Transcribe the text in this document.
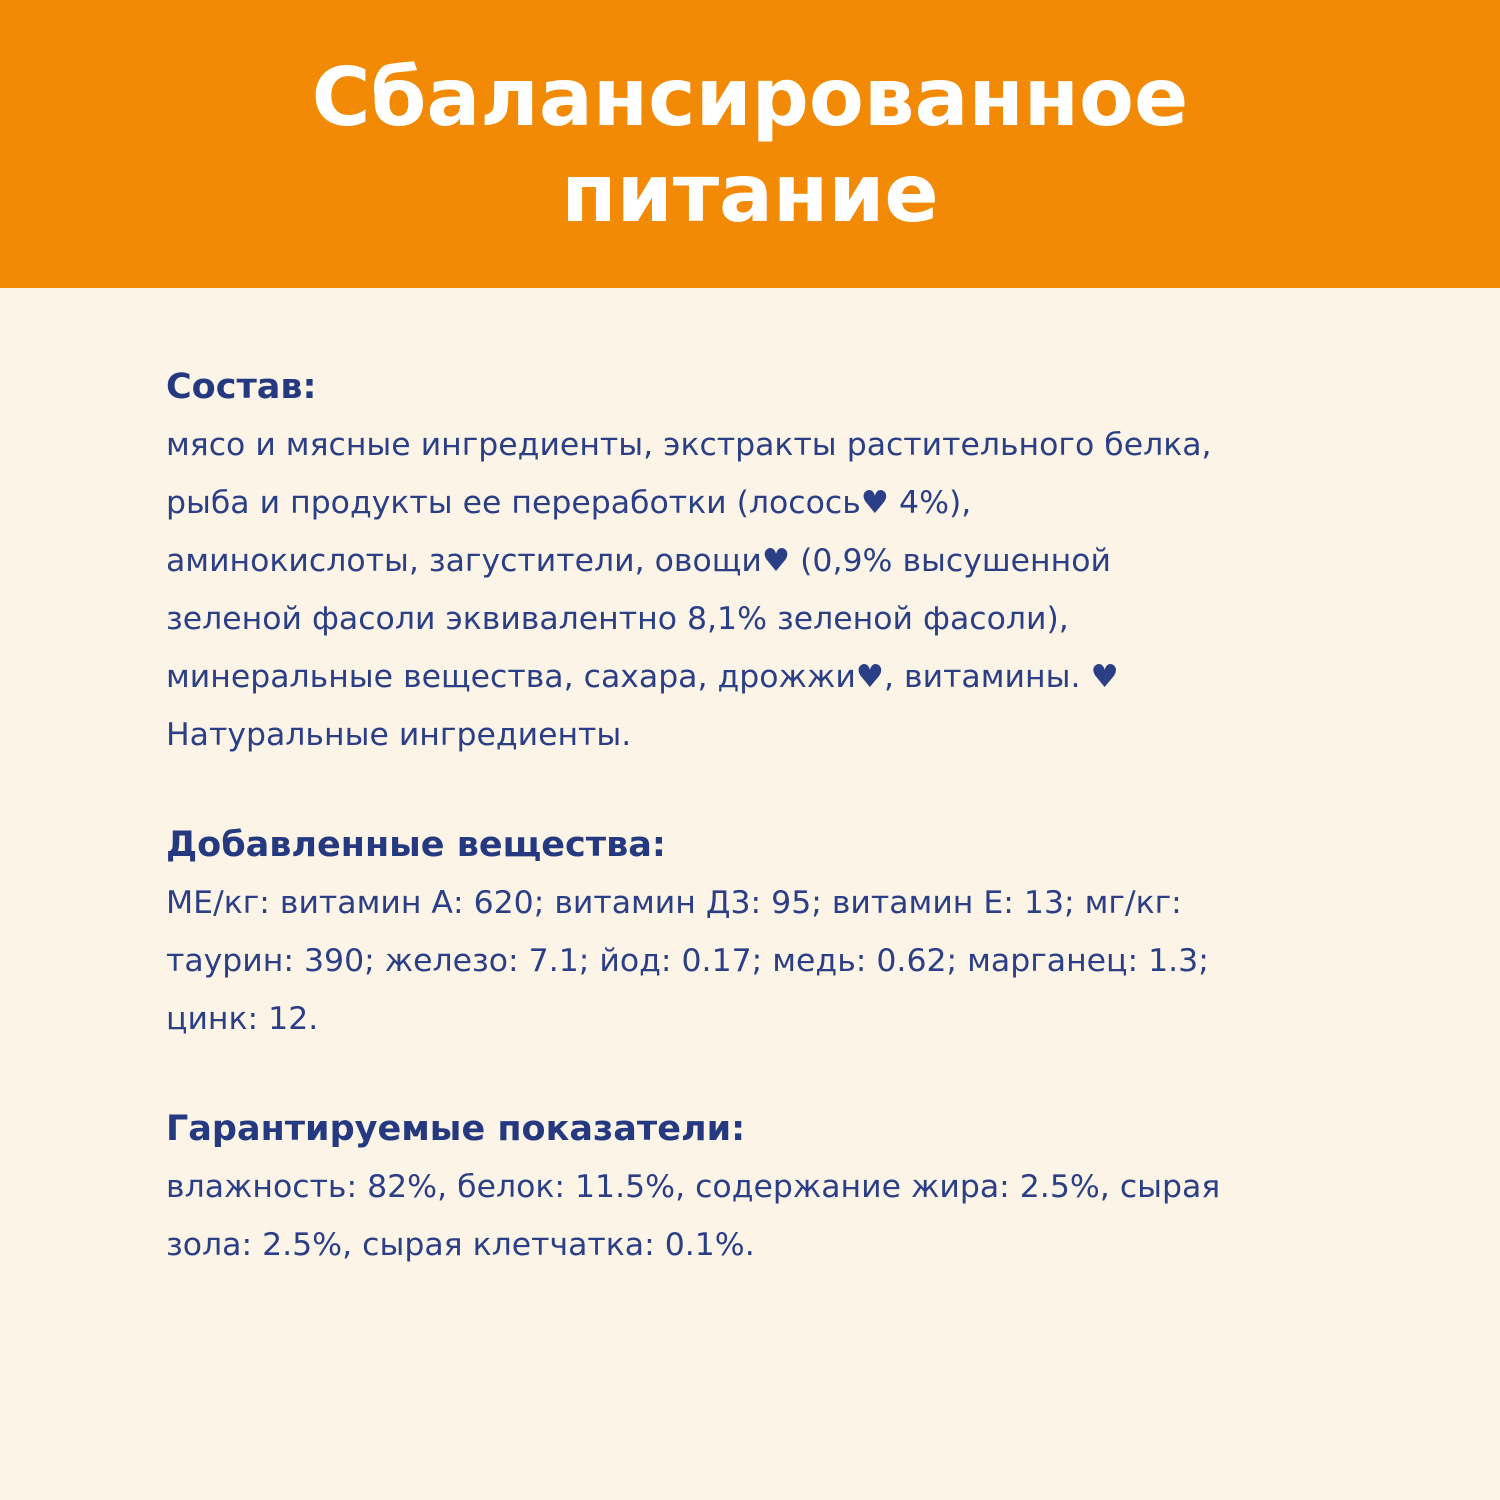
Сбалансированное
питание

Состав:

мясо и мясные ингредиенты, экстракты растительного белка,
рыба и продукты ее переработки (лосось♥ 4%),
аминокислоты, загустители, овощи♥ (0,9% высушенной
зеленой фасоли эквивалентно 8,1% зеленой фасоли),
минеральные вещества, сахара, дрожжи♥, витамины. ♥
Натуральные ингредиенты.

Добавленные вещества:

МЕ/кг: витамин А: 620; витамин Д3: 95; витамин Е: 13; мг/кг:
таурин: 390; железо: 7.1; йод: 0.17; медь: 0.62; марганец: 1.3;
цинк: 12.

Гарантируемые показатели:

влажность: 82%, белок: 11.5%, содержание жира: 2.5%, сырая
зола: 2.5%, сырая клетчатка: 0.1%.
